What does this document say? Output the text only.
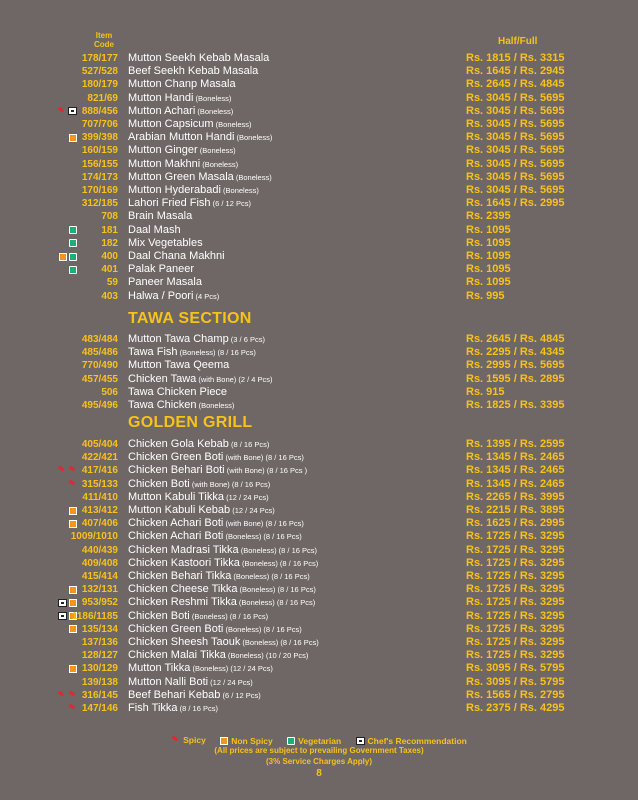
Item
Code	Half/Full
178/177 Mutton Seekh Kebab Masala	Rs. 1815 / Rs. 3315
527/528 Beef Seekh Kebab Masala	Rs. 1645 / Rs. 2945
180/179 Mutton Chanp Masala	Rs. 2645 / Rs. 4845
821/69 Mutton Handi (Boneless)	Rs. 3045 / Rs. 5695
888/456 Mutton Achari (Boneless)	Rs. 3045 / Rs. 5695
707/706 Mutton Capsicum (Boneless)	Rs. 3045 / Rs. 5695
399/398 Arabian Mutton Handi (Boneless)	Rs. 3045 / Rs. 5695
160/159 Mutton Ginger (Boneless)	Rs. 3045 / Rs. 5695
156/155 Mutton Makhni (Boneless)	Rs. 3045 / Rs. 5695
174/173 Mutton Green Masala (Boneless)	Rs. 3045 / Rs. 5695
170/169 Mutton Hyderabadi (Boneless)	Rs. 3045 / Rs. 5695
312/185 Lahori Fried Fish (6 / 12 Pcs)	Rs. 1645 / Rs. 2995
708 Brain Masala	Rs. 2395
181 Daal Mash	Rs. 1095
182 Mix Vegetables	Rs. 1095
400 Daal Chana Makhni	Rs. 1095
401 Palak Paneer	Rs. 1095
59 Paneer Masala	Rs. 1095
403 Halwa / Poori (4 Pcs)	Rs. 995
TAWA SECTION
483/484 Mutton Tawa Champ (3 / 6 Pcs)	Rs. 2645 / Rs. 4845
485/486 Tawa Fish (Boneless) (8 / 16 Pcs)	Rs. 2295 / Rs. 4345
770/490 Mutton Tawa Qeema	Rs. 2995 / Rs. 5695
457/455 Chicken Tawa (with Bone) (2 / 4 Pcs)	Rs. 1595 / Rs. 2895
506 Tawa Chicken Piece	Rs. 915
495/496 Tawa Chicken (Boneless)	Rs. 1825 / Rs. 3395
GOLDEN GRILL
405/404 Chicken Gola Kebab (8 / 16 Pcs)	Rs. 1395 / Rs. 2595
422/421 Chicken Green Boti (with Bone) (8 / 16 Pcs)	Rs. 1345 / Rs. 2465
417/416 Chicken Behari Boti (with Bone) (8 / 16 Pcs )	Rs. 1345 / Rs. 2465
315/133 Chicken Boti (with Bone) (8 / 16 Pcs)	Rs. 1345 / Rs. 2465
411/410 Mutton Kabuli Tikka (12 / 24 Pcs)	Rs. 2265 / Rs. 3995
413/412 Mutton Kabuli Kebab (12 / 24 Pcs)	Rs. 2215 / Rs. 3895
407/406 Chicken Achari Boti (with Bone) (8 / 16 Pcs)	Rs. 1625 / Rs. 2995
1009/1010 Chicken Achari Boti (Boneless) (8 / 16 Pcs)	Rs. 1725 / Rs. 3295
440/439 Chicken Madrasi Tikka (Boneless) (8 / 16 Pcs)	Rs. 1725 / Rs. 3295
409/408 Chicken Kastoori Tikka (Boneless) (8 / 16 Pcs)	Rs. 1725 / Rs. 3295
415/414 Chicken Behari Tikka (Boneless) (8 / 16 Pcs)	Rs. 1725 / Rs. 3295
132/131 Chicken Cheese Tikka (Boneless) (8 / 16 Pcs)	Rs. 1725 / Rs. 3295
953/952 Chicken Reshmi Tikka (Boneless) (8 / 16 Pcs)	Rs. 1725 / Rs. 3295
1186/1185 Chicken Boti (Boneless) (8 / 16 Pcs)	Rs. 1725 / Rs. 3295
135/134 Chicken Green Boti (Boneless) (8 / 16 Pcs)	Rs. 1725 / Rs. 3295
137/136 Chicken Sheesh Taouk (Boneless) (8 / 16 Pcs)	Rs. 1725 / Rs. 3295
128/127 Chicken Malai Tikka (Boneless) (10 / 20 Pcs)	Rs. 1725 / Rs. 3295
130/129 Mutton Tikka (Boneless) (12 / 24 Pcs)	Rs. 3095 / Rs. 5795
139/138 Mutton Nalli Boti (12 / 24 Pcs)	Rs. 3095 / Rs. 5795
316/145 Beef Behari Kebab (6 / 12 Pcs)	Rs. 1565 / Rs. 2795
147/146 Fish Tikka (8 / 16 Pcs)	Rs. 2375 / Rs. 4295
Spicy
	Non Spicy
	Vegetarian
	Chef's Recommendation
(All prices are subject to prevailing Government Taxes)
(3% Service Charges Apply)
8
